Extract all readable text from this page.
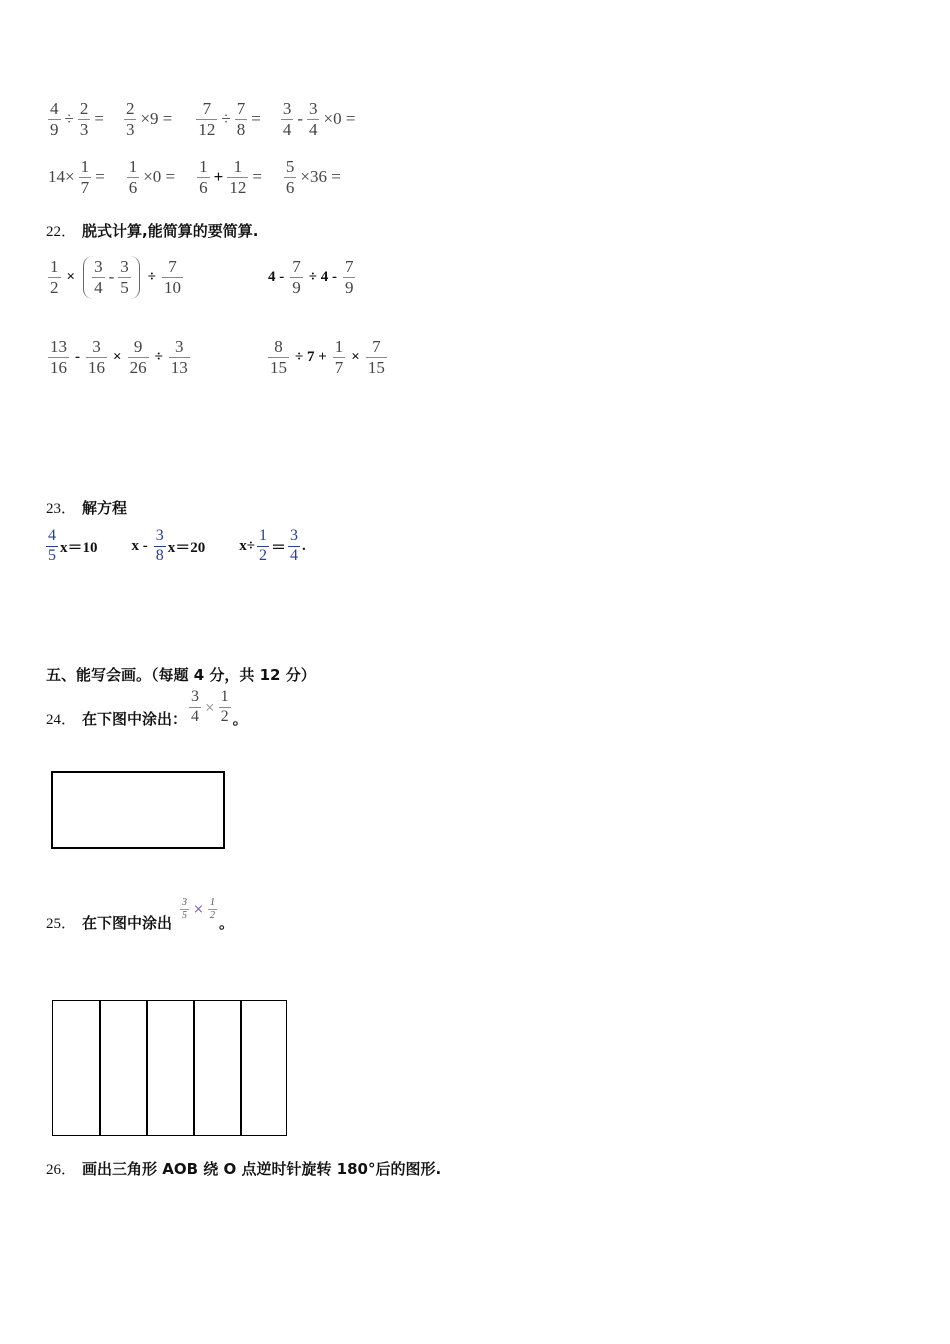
$\frac{4}{9} \div \frac{2}{3} = \frac{2}{3} \times 9 = \frac{7}{12} \div \frac{7}{8} = \frac{3}{4} - \frac{3}{4} \times 0$ =
$14\times \frac{1}{7} = \frac{1}{6} \times 0 = \frac{1}{6} + \frac{1}{12} = \frac{5}{6} \times 36$ =
22． 脱式计算,能简算的要简算.
$\frac{1}{2} \times \frac{3}{4} - \frac{3}{5} \div \frac{7}{10}$	$4 - \frac{7}{9} \div 4 - \frac{7}{9}$
$\frac{13}{16} - \frac{3}{16} \times \frac{9}{26} \div \frac{3}{13}$	$\frac{8}{15} \div 7 + \frac{1}{7} \times \frac{7}{15}$
23． 解方程
$\frac{4}{5} x=10$ $x - \frac{3}{8} x=20$ $x\div \frac{1}{2} = \frac{3}{4}$ .
五、能写会画。（每题 4 分，共 12 分）
24． 在下图中涂出： $\frac{3}{4} \times \frac{1}{2}$ 。
25． 在下图中涂出
$\frac{3}{5} \times \frac{1}{2}$
。
26． 画出三角形 AOB 绕 O 点逆时针旋转 180°后的图形.
